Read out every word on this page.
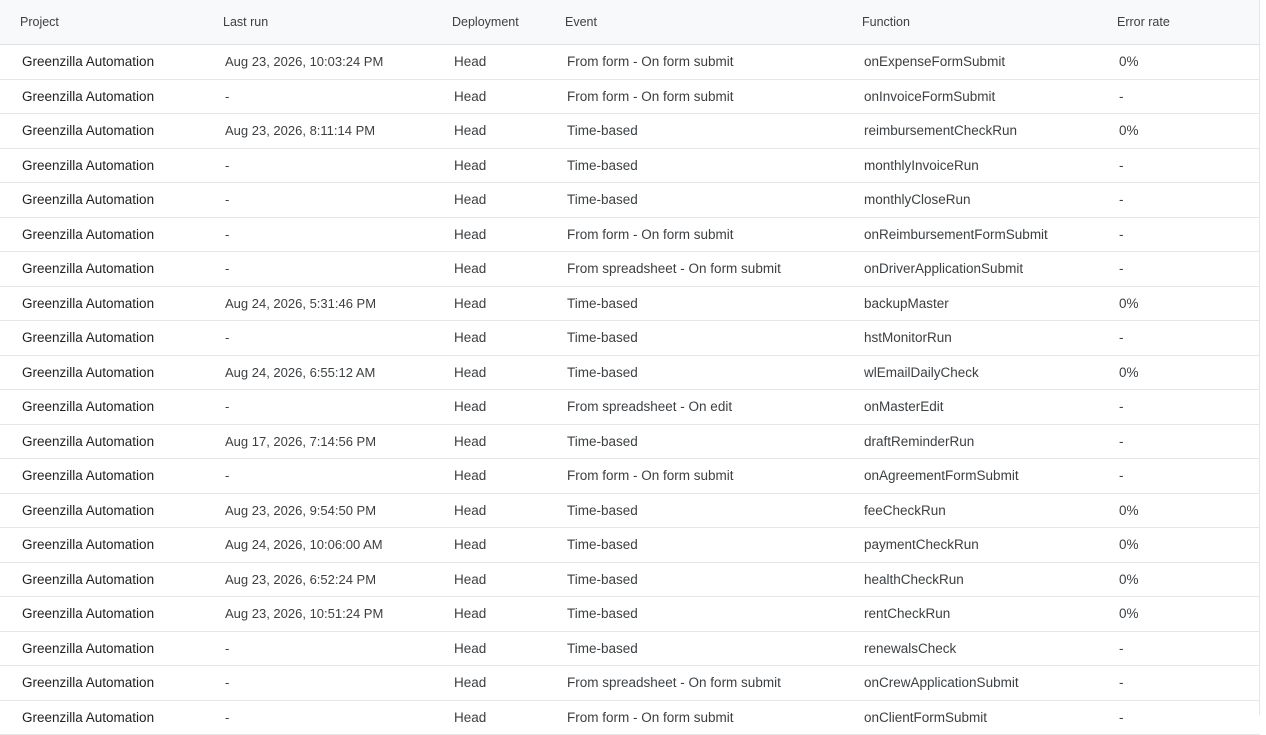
Project	Last run	Deployment	Event	Function	Error rate
Greenzilla Automation	Aug 23, 2026, 10:03:24 PM	Head	From form - On form submit	onExpenseFormSubmit	0%
Greenzilla Automation	-	Head	From form - On form submit	onInvoiceFormSubmit	-
Greenzilla Automation	Aug 23, 2026, 8:11:14 PM	Head	Time-based	reimbursementCheckRun	0%
Greenzilla Automation	-	Head	Time-based	monthlyInvoiceRun	-
Greenzilla Automation	-	Head	Time-based	monthlyCloseRun	-
Greenzilla Automation	-	Head	From form - On form submit	onReimbursementFormSubmit	-
Greenzilla Automation	-	Head	From spreadsheet - On form submit	onDriverApplicationSubmit	-
Greenzilla Automation	Aug 24, 2026, 5:31:46 PM	Head	Time-based	backupMaster	0%
Greenzilla Automation	-	Head	Time-based	hstMonitorRun	-
Greenzilla Automation	Aug 24, 2026, 6:55:12 AM	Head	Time-based	wlEmailDailyCheck	0%
Greenzilla Automation	-	Head	From spreadsheet - On edit	onMasterEdit	-
Greenzilla Automation	Aug 17, 2026, 7:14:56 PM	Head	Time-based	draftReminderRun	-
Greenzilla Automation	-	Head	From form - On form submit	onAgreementFormSubmit	-
Greenzilla Automation	Aug 23, 2026, 9:54:50 PM	Head	Time-based	feeCheckRun	0%
Greenzilla Automation	Aug 24, 2026, 10:06:00 AM	Head	Time-based	paymentCheckRun	0%
Greenzilla Automation	Aug 23, 2026, 6:52:24 PM	Head	Time-based	healthCheckRun	0%
Greenzilla Automation	Aug 23, 2026, 10:51:24 PM	Head	Time-based	rentCheckRun	0%
Greenzilla Automation	-	Head	Time-based	renewalsCheck	-
Greenzilla Automation	-	Head	From spreadsheet - On form submit	onCrewApplicationSubmit	-
Greenzilla Automation	-	Head	From form - On form submit	onClientFormSubmit	-
